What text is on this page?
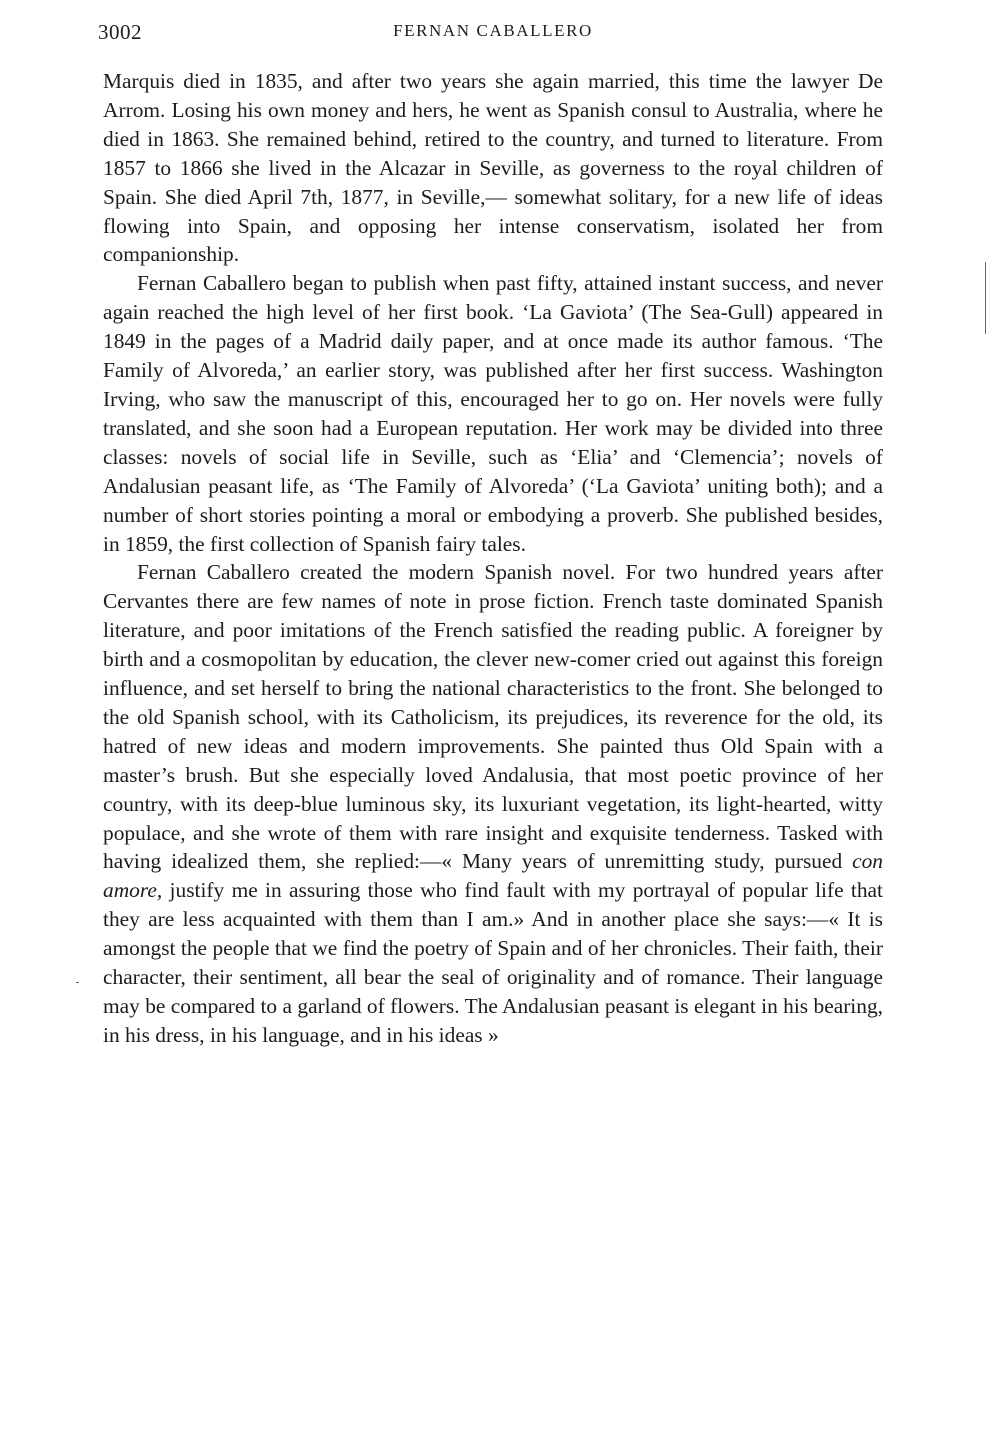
3002	FERNAN CABALLERO

Marquis died in 1835, and after two years she again married, this time the lawyer De Arrom. Losing his own money and hers, he went as Spanish consul to Australia, where he died in 1863. She remained behind, retired to the country, and turned to literature. From 1857 to 1866 she lived in the Alcazar in Seville, as governess to the royal children of Spain. She died April 7th, 1877, in Seville,— somewhat solitary, for a new life of ideas flowing into Spain, and opposing her intense conservatism, isolated her from companionship.

Fernan Caballero began to publish when past fifty, attained instant success, and never again reached the high level of her first book. ‘La Gaviota’ (The Sea-Gull) appeared in 1849 in the pages of a Madrid daily paper, and at once made its author famous. ‘The Family of Alvoreda,’ an earlier story, was published after her first success. Washington Irving, who saw the manuscript of this, encouraged her to go on. Her novels were fully translated, and she soon had a European reputation. Her work may be divided into three classes: novels of social life in Seville, such as ‘Elia’ and ‘Clemencia’; novels of Andalusian peasant life, as ‘The Family of Alvoreda’ (‘La Gaviota’ uniting both); and a number of short stories pointing a moral or embodying a proverb. She published besides, in 1859, the first collection of Spanish fairy tales.

Fernan Caballero created the modern Spanish novel. For two hundred years after Cervantes there are few names of note in prose fiction. French taste dominated Spanish literature, and poor imitations of the French satisfied the reading public. A foreigner by birth and a cosmopolitan by education, the clever new-comer cried out against this foreign influence, and set herself to bring the national characteristics to the front. She belonged to the old Spanish school, with its Catholicism, its prejudices, its reverence for the old, its hatred of new ideas and modern improvements. She painted thus Old Spain with a master’s brush. But she especially loved Andalusia, that most poetic province of her country, with its deep-blue luminous sky, its luxuriant vegetation, its light-hearted, witty populace, and she wrote of them with rare insight and exquisite tenderness. Tasked with having idealized them, she replied:—« Many years of unremitting study, pursued con amore, justify me in assuring those who find fault with my portrayal of popular life that they are less acquainted with them than I am.» And in another place she says:—« It is amongst the people that we find the poetry of Spain and of her chronicles. Their faith, their character, their sentiment, all bear the seal of originality and of romance. Their language may be compared to a garland of flowers. The Andalusian peasant is elegant in his bearing, in his dress, in his language, and in his ideas »
